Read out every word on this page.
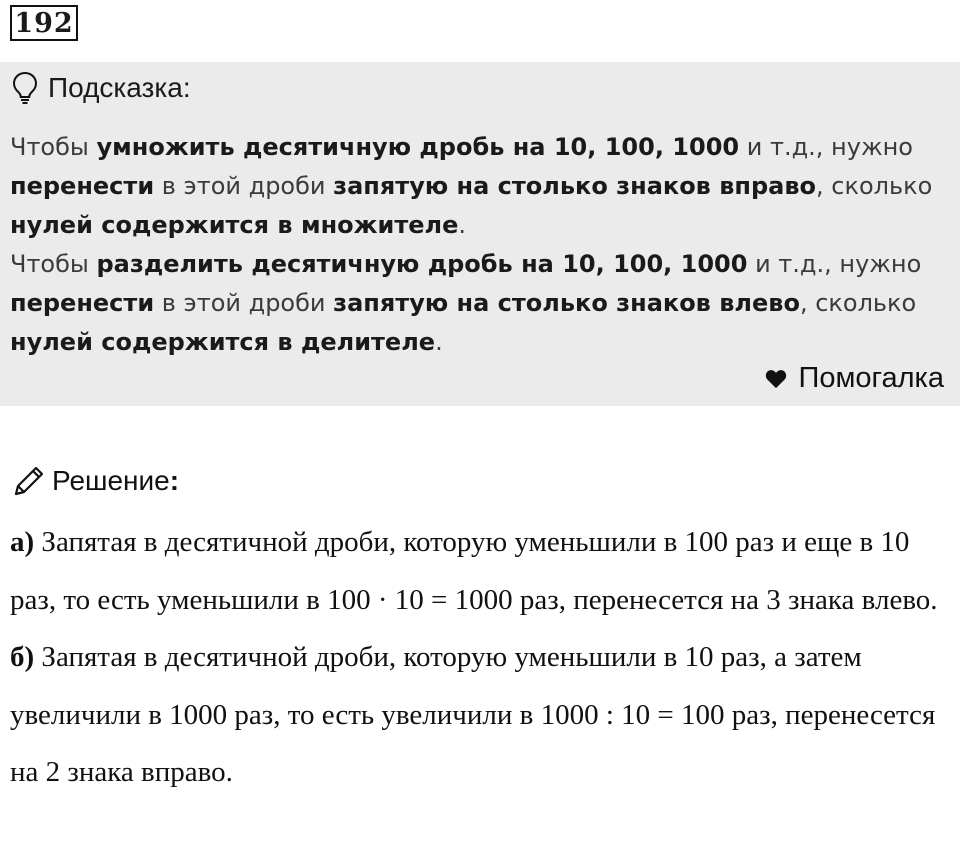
192
Подсказка:

Чтобы умножить десятичную дробь на 10, 100, 1000 и т.д., нужно
перенести в этой дроби запятую на столько знаков вправо, сколько
нулей содержится в множителе.

Чтобы разделить десятичную дробь на 10, 100, 1000 и т.д., нужно
перенести в этой дроби запятую на столько знаков влево, сколько
нулей содержится в делителе.

Помогалка
Решение :

а) Запятая в десятичной дроби, которую уменьшили в 100 раз и еще в 10 раз, то есть уменьшили в 100 · 10 = 1000 раз, перенесется на 3 знака влево.

б) Запятая в десятичной дроби, которую уменьшили в 10 раз, а затем увеличили в 1000 раз, то есть увеличили в 1000 : 10 = 100 раз, перенесется на 2 знака вправо.
